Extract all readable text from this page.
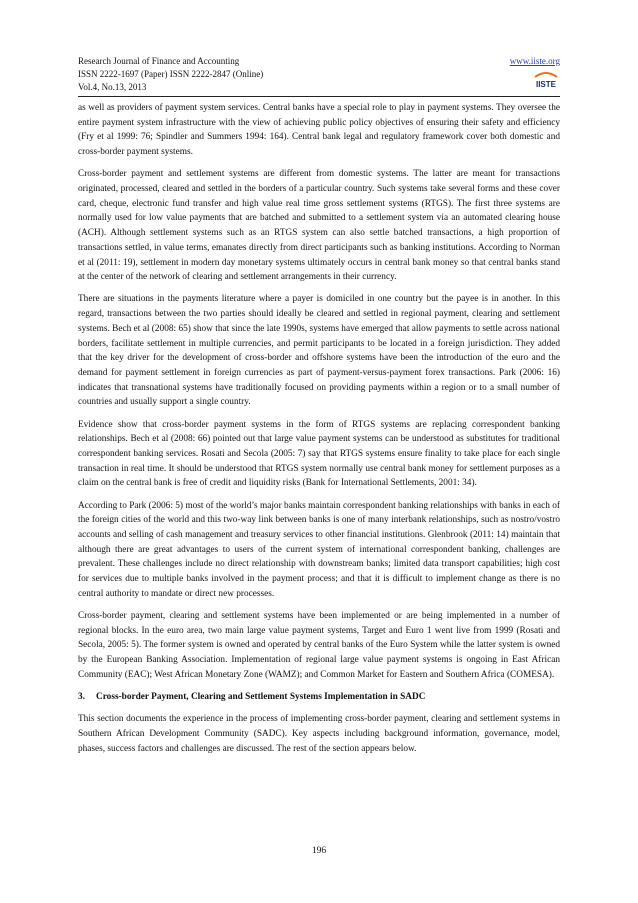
Research Journal of Finance and Accounting
ISSN 2222-1697 (Paper) ISSN 2222-2847 (Online)
Vol.4, No.13, 2013
www.iiste.org
IISTE

as well as providers of payment system services. Central banks have a special role to play in payment systems. They oversee the entire payment system infrastructure with the view of achieving public policy objectives of ensuring their safety and efficiency (Fry et al 1999: 76; Spindler and Summers 1994: 164). Central bank legal and regulatory framework cover both domestic and cross-border payment systems.

Cross-border payment and settlement systems are different from domestic systems. The latter are meant for transactions originated, processed, cleared and settled in the borders of a particular country. Such systems take several forms and these cover card, cheque, electronic fund transfer and high value real time gross settlement systems (RTGS). The first three systems are normally used for low value payments that are batched and submitted to a settlement system via an automated clearing house (ACH). Although settlement systems such as an RTGS system can also settle batched transactions, a high proportion of transactions settled, in value terms, emanates directly from direct participants such as banking institutions. According to Norman et al (2011: 19), settlement in modern day monetary systems ultimately occurs in central bank money so that central banks stand at the center of the network of clearing and settlement arrangements in their currency.

There are situations in the payments literature where a payer is domiciled in one country but the payee is in another. In this regard, transactions between the two parties should ideally be cleared and settled in regional payment, clearing and settlement systems. Bech et al (2008: 65) show that since the late 1990s, systems have emerged that allow payments to settle across national borders, facilitate settlement in multiple currencies, and permit participants to be located in a foreign jurisdiction. They added that the key driver for the development of cross-border and offshore systems have been the introduction of the euro and the demand for payment settlement in foreign currencies as part of payment-versus-payment forex transactions. Park (2006: 16) indicates that transnational systems have traditionally focused on providing payments within a region or to a small number of countries and usually support a single country.

Evidence show that cross-border payment systems in the form of RTGS systems are replacing correspondent banking relationships. Bech et al (2008: 66) pointed out that large value payment systems can be understood as substitutes for traditional correspondent banking services. Rosati and Secola (2005: 7) say that RTGS systems ensure finality to take place for each single transaction in real time. It should be understood that RTGS system normally use central bank money for settlement purposes as a claim on the central bank is free of credit and liquidity risks (Bank for International Settlements, 2001: 34).

According to Park (2006: 5) most of the world’s major banks maintain correspondent banking relationships with banks in each of the foreign cities of the world and this two-way link between banks is one of many interbank relationships, such as nostro/vostro accounts and selling of cash management and treasury services to other financial institutions. Glenbrook (2011: 14) maintain that although there are great advantages to users of the current system of international correspondent banking, challenges are prevalent. These challenges include no direct relationship with downstream banks; limited data transport capabilities; high cost for services due to multiple banks involved in the payment process; and that it is difficult to implement change as there is no central authority to mandate or direct new processes.

Cross-border payment, clearing and settlement systems have been implemented or are being implemented in a number of regional blocks. In the euro area, two main large value payment systems, Target and Euro 1 went live from 1999 (Rosati and Secola, 2005: 5). The former system is owned and operated by central banks of the Euro System while the latter system is owned by the European Banking Association. Implementation of regional large value payment systems is ongoing in East African Community (EAC); West African Monetary Zone (WAMZ); and Common Market for Eastern and Southern Africa (COMESA).

3. Cross-border Payment, Clearing and Settlement Systems Implementation in SADC

This section documents the experience in the process of implementing cross-border payment, clearing and settlement systems in Southern African Development Community (SADC). Key aspects including background information, governance, model, phases, success factors and challenges are discussed. The rest of the section appears below.

196
